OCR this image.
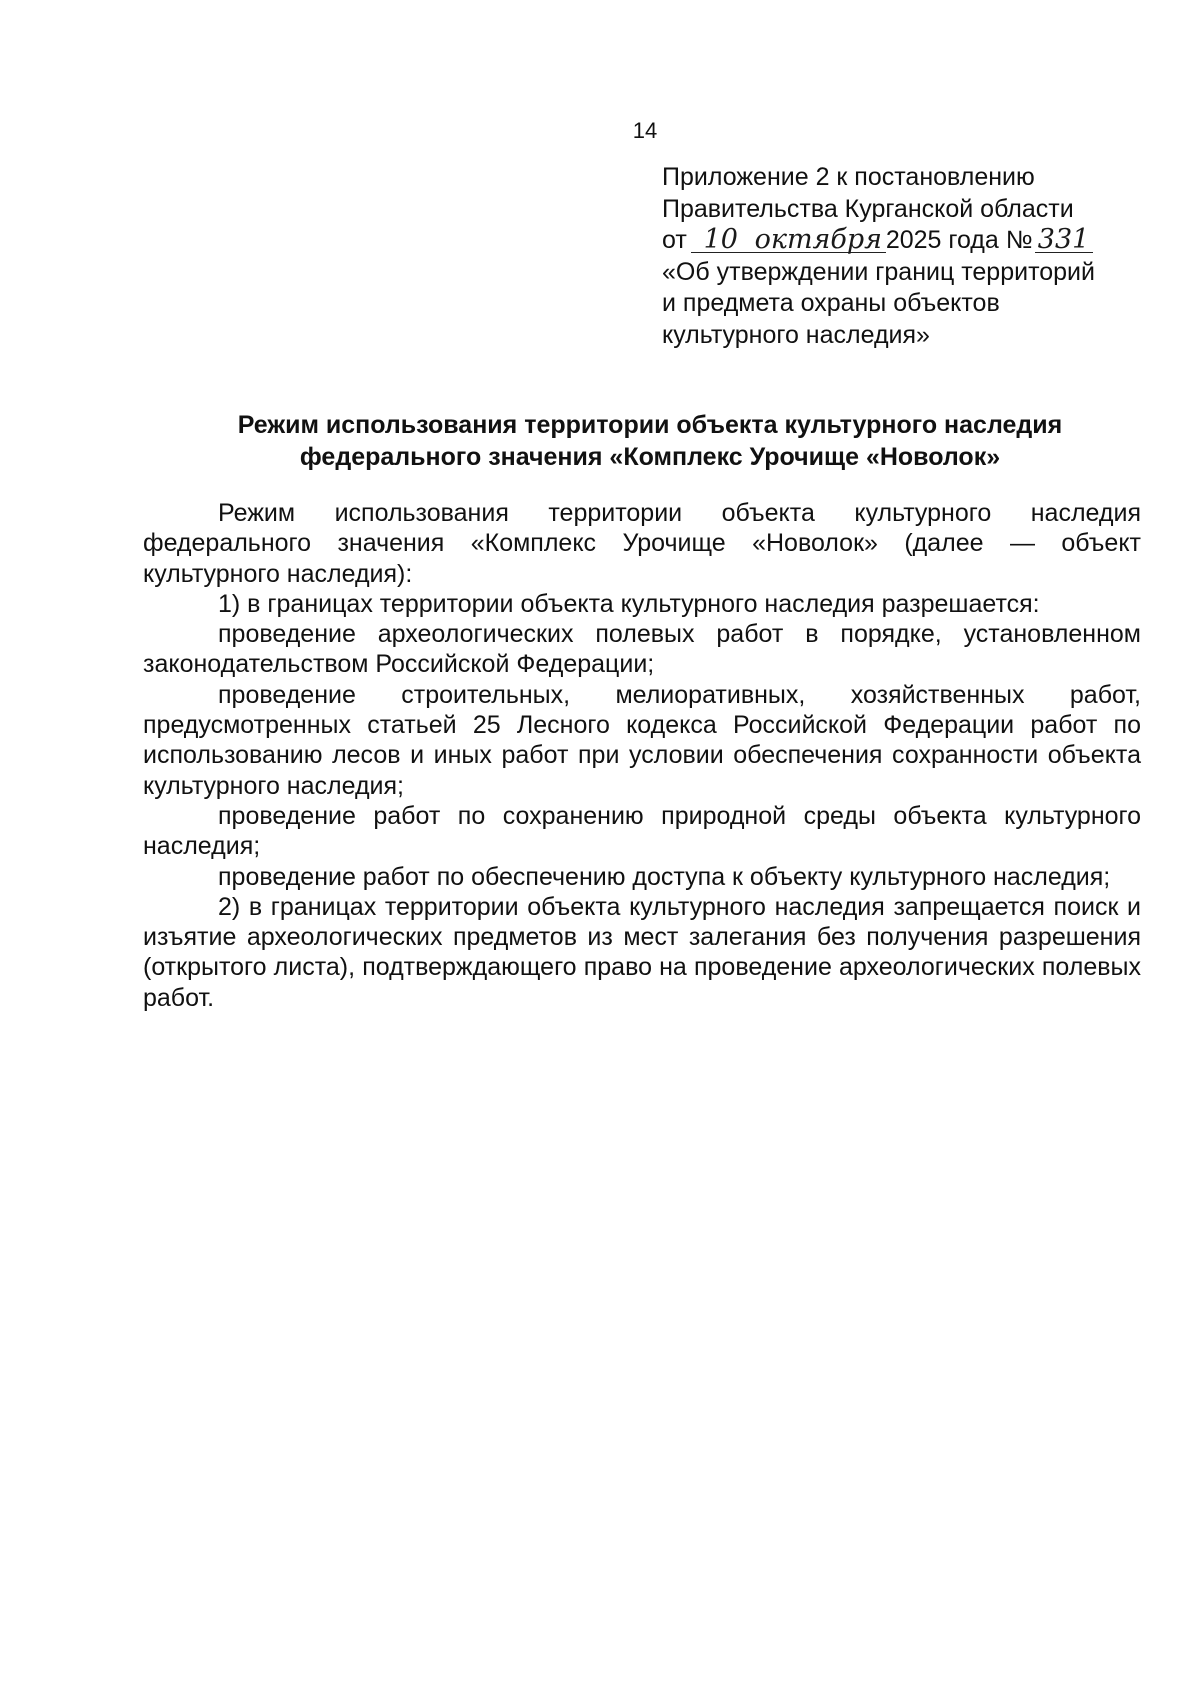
14
Приложение 2 к постановлению
Правительства Курганской области
от 10 октября 2025 года № 331
«Об утверждении границ территорий
и предмета охраны объектов
культурного наследия»
Режим использования территории объекта культурного наследия
федерального значения «Комплекс Урочище «Новолок»

Режим использования территории объекта культурного наследия федерального значения «Комплекс Урочище «Новолок» (далее — объект культурного наследия):

1) в границах территории объекта культурного наследия разрешается:

проведение археологических полевых работ в порядке, установленном законодательством Российской Федерации;

проведение строительных, мелиоративных, хозяйственных работ, предусмотренных статьей 25 Лесного кодекса Российской Федерации работ по использованию лесов и иных работ при условии обеспечения сохранности объекта культурного наследия;

проведение работ по сохранению природной среды объекта культурного наследия;

проведение работ по обеспечению доступа к объекту культурного наследия;

2) в границах территории объекта культурного наследия запрещается поиск и изъятие археологических предметов из мест залегания без получения разрешения (открытого листа), подтверждающего право на проведение археологических полевых работ.
